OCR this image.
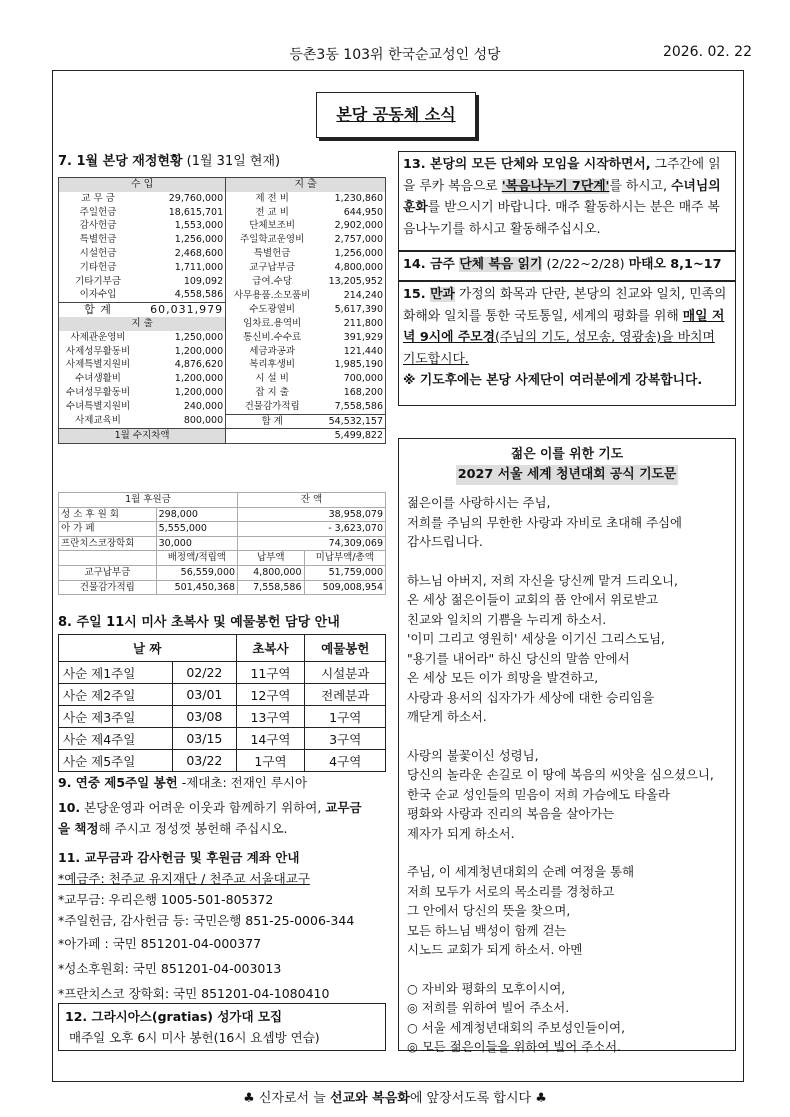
등촌3동 103위 한국순교성인 성당	2026. 02. 22
본당 공동체 소식
7. 1월 본당 재정현황 (1월 31일 현재)
수 입		지 출	
교 무 금	29,760,000	제 전 비	1,230,860
주일헌금	18,615,701	전 교 비	644,950
감사헌금	1,553,000	단체보조비	2,902,000
특별헌금	1,256,000	주일학교운영비	2,757,000
시설헌금	2,468,600	특별헌금	1,256,000
기타헌금	1,711,000	교구납부금	4,800,000
기타기부금	109,092	급여.수당	13,205,952
이자수입	4,558,586	사무용품.소모품비	214,240
합 계	60,031,979	수도광열비	5,617,390
지 출		임차료.용역비	211,800
사제관운영비	1,250,000	통신비.수수료	391,929
사제성무활동비	1,200,000	세금과공과	121,440
사제특별지원비	4,876,620	복리후생비	1,985,190
수녀생활비	1,200,000	시 설 비	700,000
수녀성무활동비	1,200,000	잡 지 출	168,200
수녀특별지원비	240,000	건물감가적립	7,558,586
사제교육비	800,000	합 계	54,532,157
1월 수지차액		5,499,822	
1월 후원금		잔 액	
성 소 후 원 회	298,000	38,958,079	
아 가 페	5,555,000	- 3,623,070	
프란치스코장학회	30,000	74,309,069	
	배정액/적립액	납부액	미납부액/총액
교구납부금	56,559,000	4,800,000	51,759,000
건물감가적립	501,450,368	7,558,586	509,008,954
8. 주일 11시 미사 초복사 및 예물봉헌 담당 안내
날 짜		초복사	예물봉헌
사순 제1주일	02/22	11구역	시설분과
사순 제2주일	03/01	12구역	전례분과
사순 제3주일	03/08	13구역	1구역
사순 제4주일	03/15	14구역	3구역
사순 제5주일	03/22	1구역	4구역
9. 연중 제5주일 봉헌 -제대초: 전재인 루시아
10. 본당운영과 어려운 이웃과 함께하기 위하여, 교무금
을 책정해 주시고 정성껏 봉헌해 주십시오.
11. 교무금과 감사헌금 및 후원금 계좌 안내
*예금주: 천주교 유지재단 / 천주교 서울대교구
*교무금: 우리은행 1005-501-805372
*주일헌금, 감사헌금 등: 국민은행 851-25-0006-344
*아가페 : 국민 851201-04-000377
*성소후원회: 국민 851201-04-003013
*프란치스코 장학회: 국민 851201-04-1080410
12. 그라시아스(gratias) 성가대 모집
매주일 오후 6시 미사 봉헌(16시 요셉방 연습)
13. 본당의 모든 단체와 모임을 시작하면서, 그주간에 읽을 루카 복음으로 '복음나누기 7단계'를 하시고, 수녀님의 훈화를 받으시기 바랍니다. 매주 활동하시는 분은 매주 복음나누기를 하시고 활동해주십시오.
14. 금주 단체 복음 읽기 (2/22~2/28) 마태오 8,1~17
15. 만과 가정의 화목과 단란, 본당의 친교와 일치, 민족의 화해와 일치를 통한 국토통일, 세계의 평화를 위해 매일 저녁 9시에 주모경(주님의 기도, 성모송, 영광송)을 바치며 기도합시다.
※ 기도후에는 본당 사제단이 여러분에게 강복합니다.
젊은 이를 위한 기도
2027 서울 세계 청년대회 공식 기도문
젊은이를 사랑하시는 주님,
저희를 주님의 무한한 사랑과 자비로 초대해 주심에
감사드립니다.
하느님 아버지, 저희 자신을 당신께 맡겨 드리오니,
온 세상 젊은이들이 교회의 품 안에서 위로받고
친교와 일치의 기쁨을 누리게 하소서.
'이미 그리고 영원히' 세상을 이기신 그리스도님,
"용기를 내어라" 하신 당신의 말씀 안에서
온 세상 모든 이가 희망을 발견하고,
사랑과 용서의 십자가가 세상에 대한 승리임을
깨닫게 하소서.
사랑의 불꽃이신 성령님,
당신의 놀라운 손길로 이 땅에 복음의 씨앗을 심으셨으니,
한국 순교 성인들의 믿음이 저희 가슴에도 타올라
평화와 사랑과 진리의 복음을 살아가는
제자가 되게 하소서.
주님, 이 세계청년대회의 순례 여정을 통해
저희 모두가 서로의 목소리를 경청하고
그 안에서 당신의 뜻을 찾으며,
모든 하느님 백성이 함께 걷는
시노드 교회가 되게 하소서. 아멘
○ 자비와 평화의 모후이시여,
◎ 저희를 위하여 빌어 주소서.
○ 서울 세계청년대회의 주보성인들이여,
◎ 모든 젊은이들을 위하여 빌어 주소서.
♣ 신자로서 늘 선교와 복음화에 앞장서도록 합시다 ♣
